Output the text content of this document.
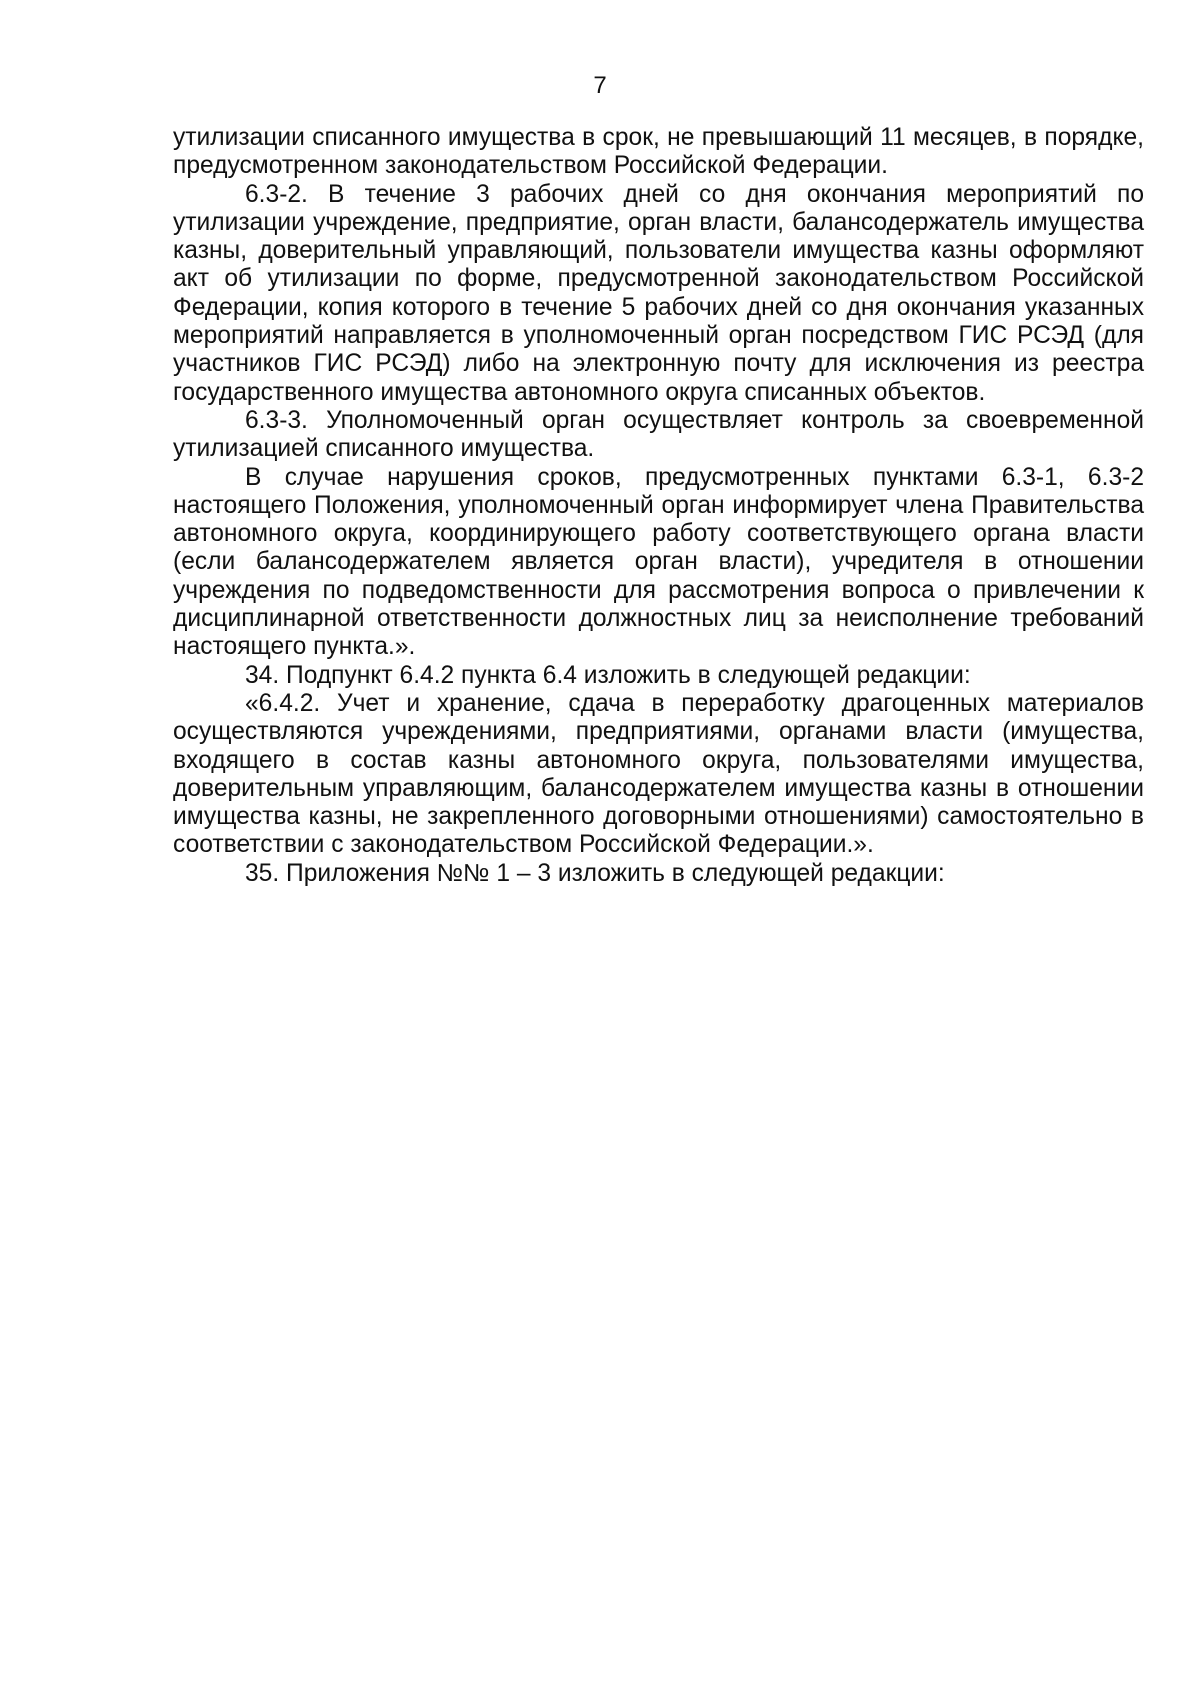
7

утилизации списанного имущества в срок, не превышающий 11 месяцев, в порядке, предусмотренном законодательством Российской Федерации.

6.3-2. В течение 3 рабочих дней со дня окончания мероприятий по утилизации учреждение, предприятие, орган власти, балансодержатель имущества казны, доверительный управляющий, пользователи имущества казны оформляют акт об утилизации по форме, предусмотренной законодательством Российской Федерации, копия которого в течение 5 рабочих дней со дня окончания указанных мероприятий направляется в уполномоченный орган посредством ГИС РСЭД (для участников ГИС РСЭД) либо на электронную почту для исключения из реестра государственного имущества автономного округа списанных объектов.

6.3-3. Уполномоченный орган осуществляет контроль за своевременной утилизацией списанного имущества.

В случае нарушения сроков, предусмотренных пунктами 6.3-1, 6.3-2 настоящего Положения, уполномоченный орган информирует члена Правительства автономного округа, координирующего работу соответствующего органа власти (если балансодержателем является орган власти), учредителя в отношении учреждения по подведомственности для рассмотрения вопроса о привлечении к дисциплинарной ответственности должностных лиц за неисполнение требований настоящего пункта.».

34. Подпункт 6.4.2 пункта 6.4 изложить в следующей редакции:

«6.4.2. Учет и хранение, сдача в переработку драгоценных материалов осуществляются учреждениями, предприятиями, органами власти (имущества, входящего в состав казны автономного округа, пользователями имущества, доверительным управляющим, балансодержателем имущества казны в отношении имущества казны, не закрепленного договорными отношениями) самостоятельно в соответствии с законодательством Российской Федерации.».

35. Приложения №№ 1 – 3 изложить в следующей редакции:
